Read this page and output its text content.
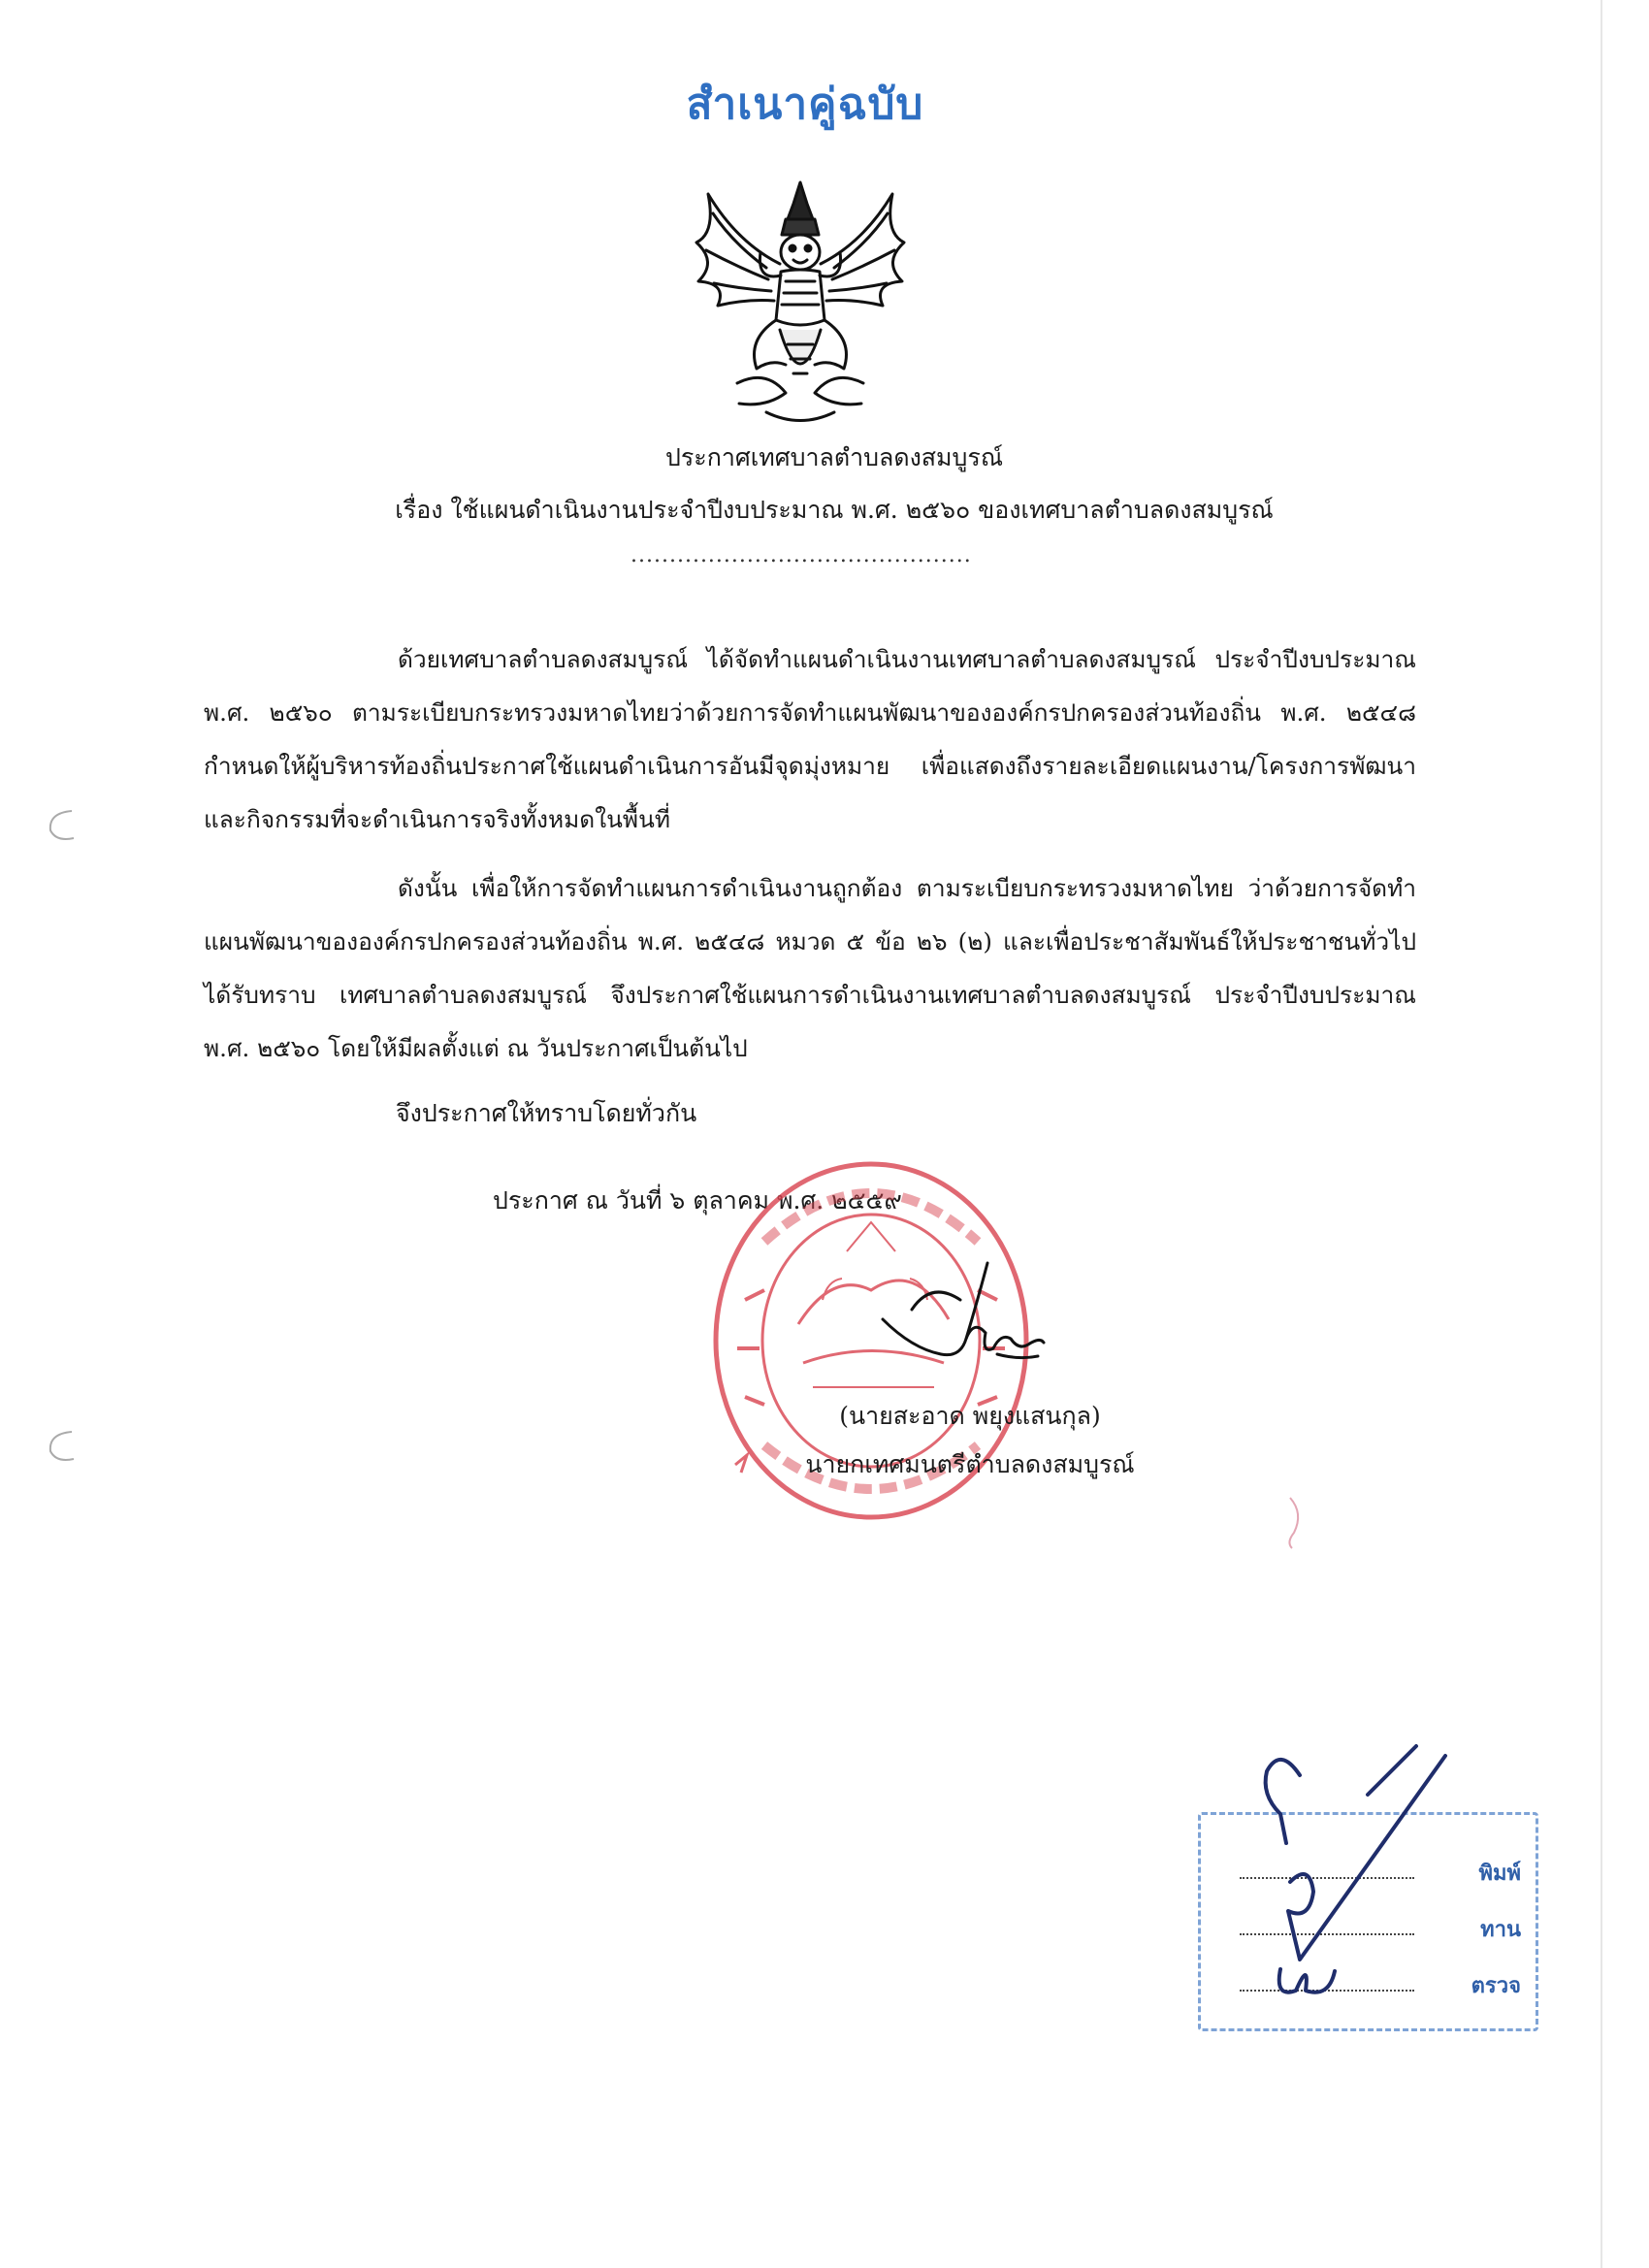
สำเนาคู่ฉบับ
ประกาศเทศบาลตำบลดงสมบูรณ์
เรื่อง ใช้แผนดำเนินงานประจำปีงบประมาณ พ.ศ. ๒๕๖๐ ของเทศบาลตำบลดงสมบูรณ์
............................................
ด้วยเทศบาลตำบลดงสมบูรณ์ ได้จัดทำแผนดำเนินงานเทศบาลตำบลดงสมบูรณ์ ประจำปีงบประมาณ พ.ศ. ๒๕๖๐ ตามระเบียบกระทรวงมหาดไทยว่าด้วยการจัดทำแผนพัฒนาขององค์กรปกครองส่วนท้องถิ่น พ.ศ. ๒๕๔๘ กำหนดให้ผู้บริหารท้องถิ่นประกาศใช้แผนดำเนินการอันมีจุดมุ่งหมาย เพื่อแสดงถึงรายละเอียดแผนงาน/โครงการพัฒนาและกิจกรรมที่จะดำเนินการจริงทั้งหมดในพื้นที่
ดังนั้น เพื่อให้การจัดทำแผนการดำเนินงานถูกต้อง ตามระเบียบกระทรวงมหาดไทย ว่าด้วยการจัดทำแผนพัฒนาขององค์กรปกครองส่วนท้องถิ่น พ.ศ. ๒๕๔๘ หมวด ๕ ข้อ ๒๖ (๒) และเพื่อประชาสัมพันธ์ให้ประชาชนทั่วไปได้รับทราบ เทศบาลตำบลดงสมบูรณ์ จึงประกาศใช้แผนการดำเนินงานเทศบาลตำบลดงสมบูรณ์ ประจำปีงบประมาณ พ.ศ. ๒๕๖๐ โดยให้มีผลตั้งแต่ ณ วันประกาศเป็นต้นไป
จึงประกาศให้ทราบโดยทั่วกัน
ประกาศ ณ วันที่ ๖ ตุลาคม พ.ศ. ๒๕๕๙
(นายสะอาด พยุงแสนกุล)
นายกเทศมนตรีตำบลดงสมบูรณ์
พิมพ์
ทาน
ตรวจ
